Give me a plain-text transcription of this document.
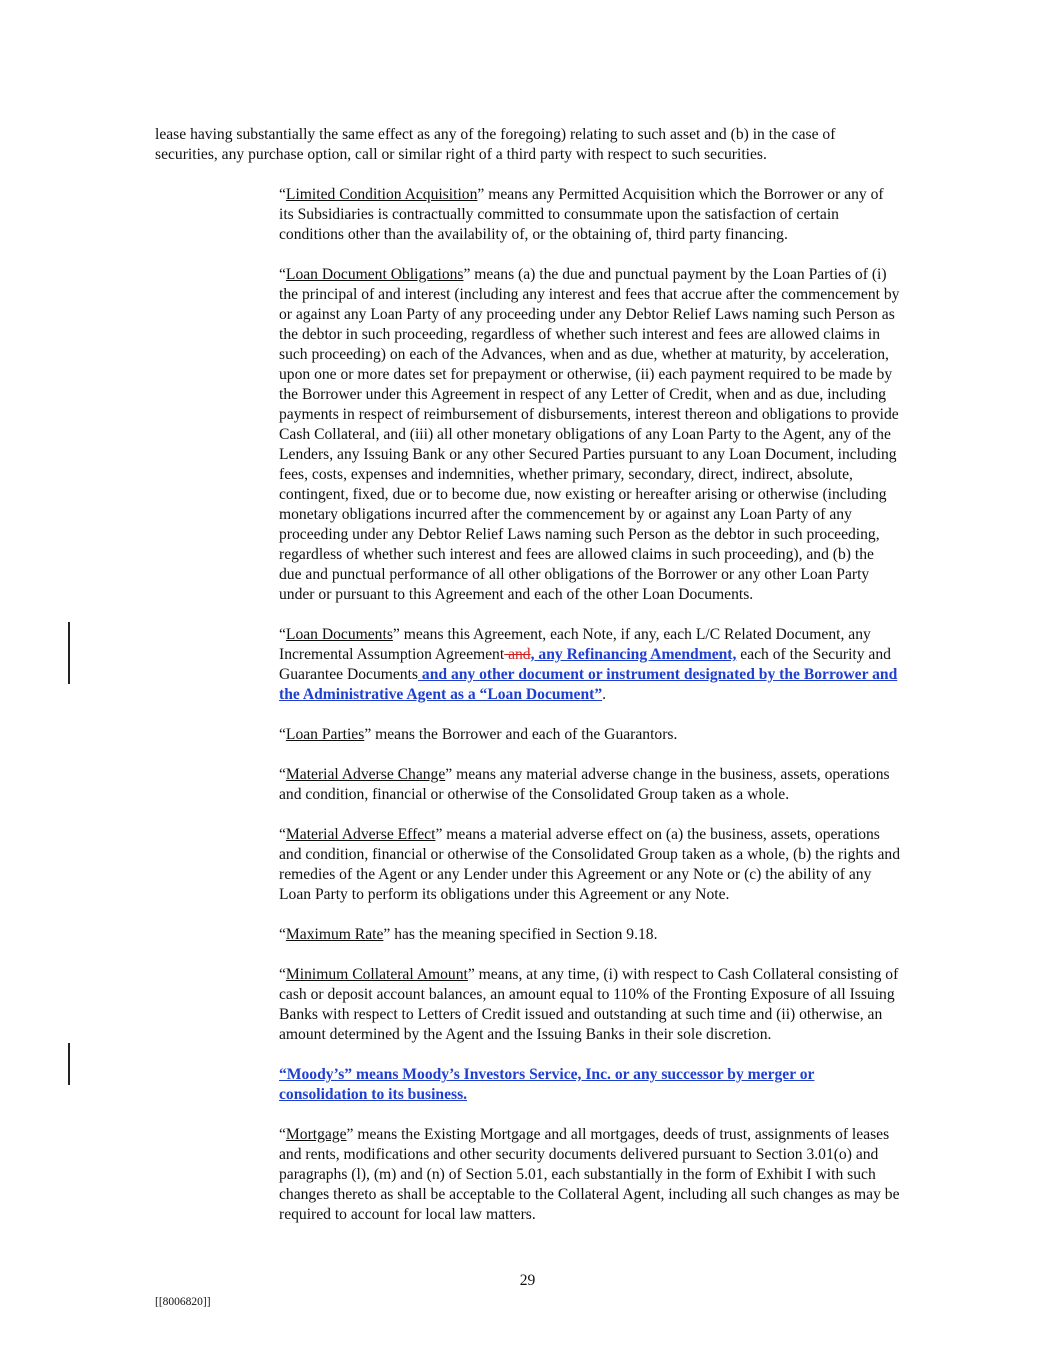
lease having substantially the same effect as any of the foregoing) relating to such asset and (b) in the case of securities, any purchase option, call or similar right of a third party with respect to such securities.

“Limited Condition Acquisition” means any Permitted Acquisition which the Borrower or any of its Subsidiaries is contractually committed to consummate upon the satisfaction of certain conditions other than the availability of, or the obtaining of, third party financing.

“Loan Document Obligations” means (a) the due and punctual payment by the Loan Parties of (i) the principal of and interest (including any interest and fees that accrue after the commencement by or against any Loan Party of any proceeding under any Debtor Relief Laws naming such Person as the debtor in such proceeding, regardless of whether such interest and fees are allowed claims in such proceeding) on each of the Advances, when and as due, whether at maturity, by acceleration, upon one or more dates set for prepayment or otherwise, (ii) each payment required to be made by the Borrower under this Agreement in respect of any Letter of Credit, when and as due, including payments in respect of reimbursement of disbursements, interest thereon and obligations to provide Cash Collateral, and (iii) all other monetary obligations of any Loan Party to the Agent, any of the Lenders, any Issuing Bank or any other Secured Parties pursuant to any Loan Document, including fees, costs, expenses and indemnities, whether primary, secondary, direct, indirect, absolute, contingent, fixed, due or to become due, now existing or hereafter arising or otherwise (including monetary obligations incurred after the commencement by or against any Loan Party of any proceeding under any Debtor Relief Laws naming such Person as the debtor in such proceeding, regardless of whether such interest and fees are allowed claims in such proceeding), and (b) the due and punctual performance of all other obligations of the Borrower or any other Loan Party under or pursuant to this Agreement and each of the other Loan Documents.

“Loan Documents” means this Agreement, each Note, if any, each L/C Related Document, any Incremental Assumption Agreement and, any Refinancing Amendment, each of the Security and Guarantee Documents and any other document or instrument designated by the Borrower and the Administrative Agent as a “Loan Document”.

“Loan Parties” means the Borrower and each of the Guarantors.

“Material Adverse Change” means any material adverse change in the business, assets, operations and condition, financial or otherwise of the Consolidated Group taken as a whole.

“Material Adverse Effect” means a material adverse effect on (a) the business, assets, operations and condition, financial or otherwise of the Consolidated Group taken as a whole, (b) the rights and remedies of the Agent or any Lender under this Agreement or any Note or (c) the ability of any Loan Party to perform its obligations under this Agreement or any Note.

“Maximum Rate” has the meaning specified in Section 9.18.

“Minimum Collateral Amount” means, at any time, (i) with respect to Cash Collateral consisting of cash or deposit account balances, an amount equal to 110% of the Fronting Exposure of all Issuing Banks with respect to Letters of Credit issued and outstanding at such time and (ii) otherwise, an amount determined by the Agent and the Issuing Banks in their sole discretion.

“Moody’s” means Moody’s Investors Service, Inc. or any successor by merger or consolidation to its business.

“Mortgage” means the Existing Mortgage and all mortgages, deeds of trust, assignments of leases and rents, modifications and other security documents delivered pursuant to Section 3.01(o) and paragraphs (l), (m) and (n) of Section 5.01, each substantially in the form of Exhibit I with such changes thereto as shall be acceptable to the Collateral Agent, including all such changes as may be required to account for local law matters.

29
[[8006820]]
